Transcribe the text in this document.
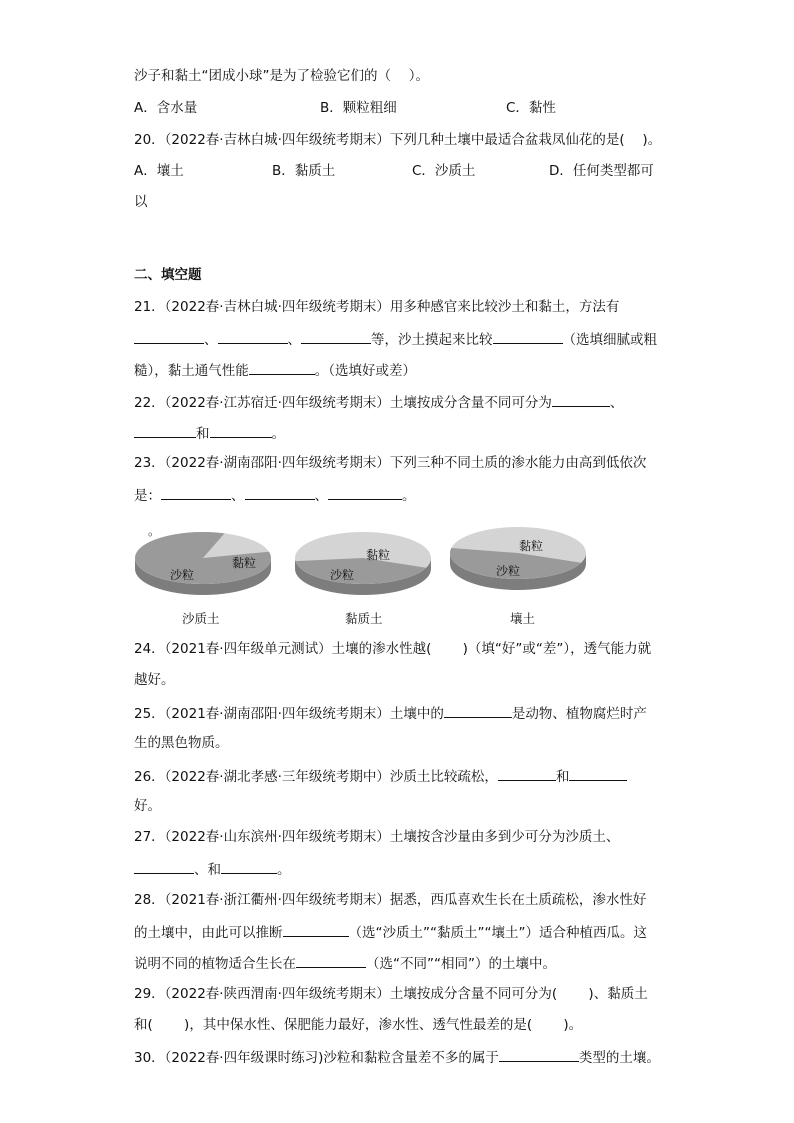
沙子和黏土“团成小球”是为了检验它们的（　 ）。
A．含水量	B．颗粒粗细	C．黏性
20．（2022春·吉林白城·四年级统考期末）下列几种土壤中最适合盆栽凤仙花的是(　 )。
A．壤土	B．黏质土	C．沙质土	D．任何类型都可
以
二、填空题
21．（2022春·吉林白城·四年级统考期末）用多种感官来比较沙土和黏土，方法有
、	、	等，沙土摸起来比较	（选填细腻或粗
糙），黏土通气性能	。（选填好或差）
22．（2022春·江苏宿迁·四年级统考期末）土壤按成分含量不同可分为	、
和	。
23．（2022春·湖南邵阳·四年级统考期末）下列三种不同土质的渗水能力由高到低依次
是：	、	、	。
。
沙粒
黏粒
沙质土
沙粒
黏粒
黏质土
沙粒
黏粒
壤土
24．（2021春·四年级单元测试）土壤的渗水性越(　　 )（填“好”或“差”），透气能力就
越好。
25．（2021春·湖南邵阳·四年级统考期末）土壤中的	是动物、植物腐烂时产
生的黑色物质。
26．（2022春·湖北孝感·三年级统考期中）沙质土比较疏松，	和
好。
27．（2022春·山东滨州·四年级统考期末）土壤按含沙量由多到少可分为沙质土、
、和	。
28．（2021春·浙江衢州·四年级统考期末）据悉，西瓜喜欢生长在土质疏松，渗水性好
的土壤中，由此可以推断	（选“沙质土”“黏质土”“壤土”）适合种植西瓜。这
说明不同的植物适合生长在	（选“不同”“相同”）的土壤中。
29．（2022春·陕西渭南·四年级统考期末）土壤按成分含量不同可分为(　　 )、黏质土
和(　　 )，其中保水性、保肥能力最好，渗水性、透气性最差的是(　　 )。
30．（2022春·四年级课时练习)沙粒和黏粒含量差不多的属于	类型的土壤。
